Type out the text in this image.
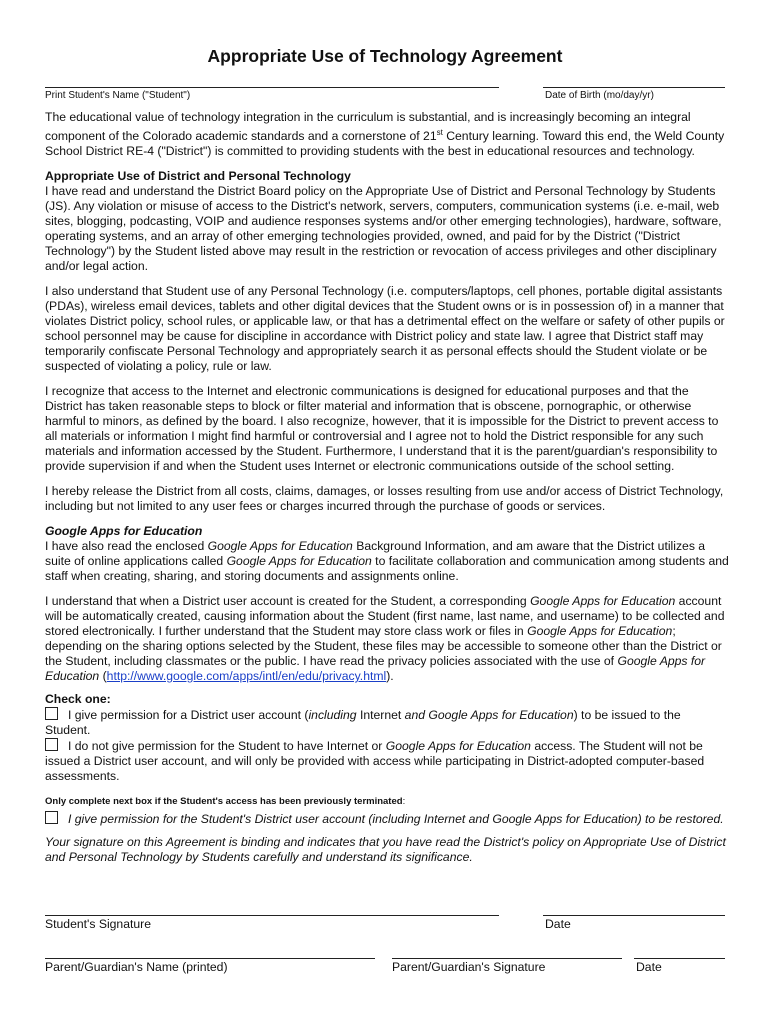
Appropriate Use of Technology Agreement
Print Student's Name ("Student")	Date of Birth (mo/day/yr)

The educational value of technology integration in the curriculum is substantial, and is increasingly becoming an integral component of the Colorado academic standards and a cornerstone of 21st Century learning. Toward this end, the Weld County School District RE-4 ("District") is committed to providing students with the best in educational resources and technology.

Appropriate Use of District and Personal Technology

I have read and understand the District Board policy on the Appropriate Use of District and Personal Technology by Students (JS). Any violation or misuse of access to the District's network, servers, computers, communication systems (i.e. e-mail, web sites, blogging, podcasting, VOIP and audience responses systems and/or other emerging technologies), hardware, software, operating systems, and an array of other emerging technologies provided, owned, and paid for by the District ("District Technology") by the Student listed above may result in the restriction or revocation of access privileges and other disciplinary and/or legal action.

I also understand that Student use of any Personal Technology (i.e. computers/laptops, cell phones, portable digital assistants (PDAs), wireless email devices, tablets and other digital devices that the Student owns or is in possession of) in a manner that violates District policy, school rules, or applicable law, or that has a detrimental effect on the welfare or safety of other pupils or school personnel may be cause for discipline in accordance with District policy and state law. I agree that District staff may temporarily confiscate Personal Technology and appropriately search it as personal effects should the Student violate or be suspected of violating a policy, rule or law.

I recognize that access to the Internet and electronic communications is designed for educational purposes and that the District has taken reasonable steps to block or filter material and information that is obscene, pornographic, or otherwise harmful to minors, as defined by the board. I also recognize, however, that it is impossible for the District to prevent access to all materials or information I might find harmful or controversial and I agree not to hold the District responsible for any such materials and information accessed by the Student. Furthermore, I understand that it is the parent/guardian's responsibility to provide supervision if and when the Student uses Internet or electronic communications outside of the school setting.

I hereby release the District from all costs, claims, damages, or losses resulting from use and/or access of District Technology, including but not limited to any user fees or charges incurred through the purchase of goods or services.

Google Apps for Education

I have also read the enclosed Google Apps for Education Background Information, and am aware that the District utilizes a suite of online applications called Google Apps for Education to facilitate collaboration and communication among students and staff when creating, sharing, and storing documents and assignments online.

I understand that when a District user account is created for the Student, a corresponding Google Apps for Education account will be automatically created, causing information about the Student (first name, last name, and username) to be collected and stored electronically. I further understand that the Student may store class work or files in Google Apps for Education; depending on the sharing options selected by the Student, these files may be accessible to someone other than the District or the Student, including classmates or the public. I have read the privacy policies associated with the use of Google Apps for Education (http://www.google.com/apps/intl/en/edu/privacy.html).

Check one:
I give permission for a District user account (including Internet and Google Apps for Education) to be issued to the Student.
I do not give permission for the Student to have Internet or Google Apps for Education access. The Student will not be issued a District user account, and will only be provided with access while participating in District-adopted computer-based assessments.
Only complete next box if the Student's access has been previously terminated:
I give permission for the Student's District user account (including Internet and Google Apps for Education) to be restored.

Your signature on this Agreement is binding and indicates that you have read the District's policy on Appropriate Use of District and Personal Technology by Students carefully and understand its significance.

Student's Signature	Date
Parent/Guardian's Name (printed)	Parent/Guardian's Signature	Date
